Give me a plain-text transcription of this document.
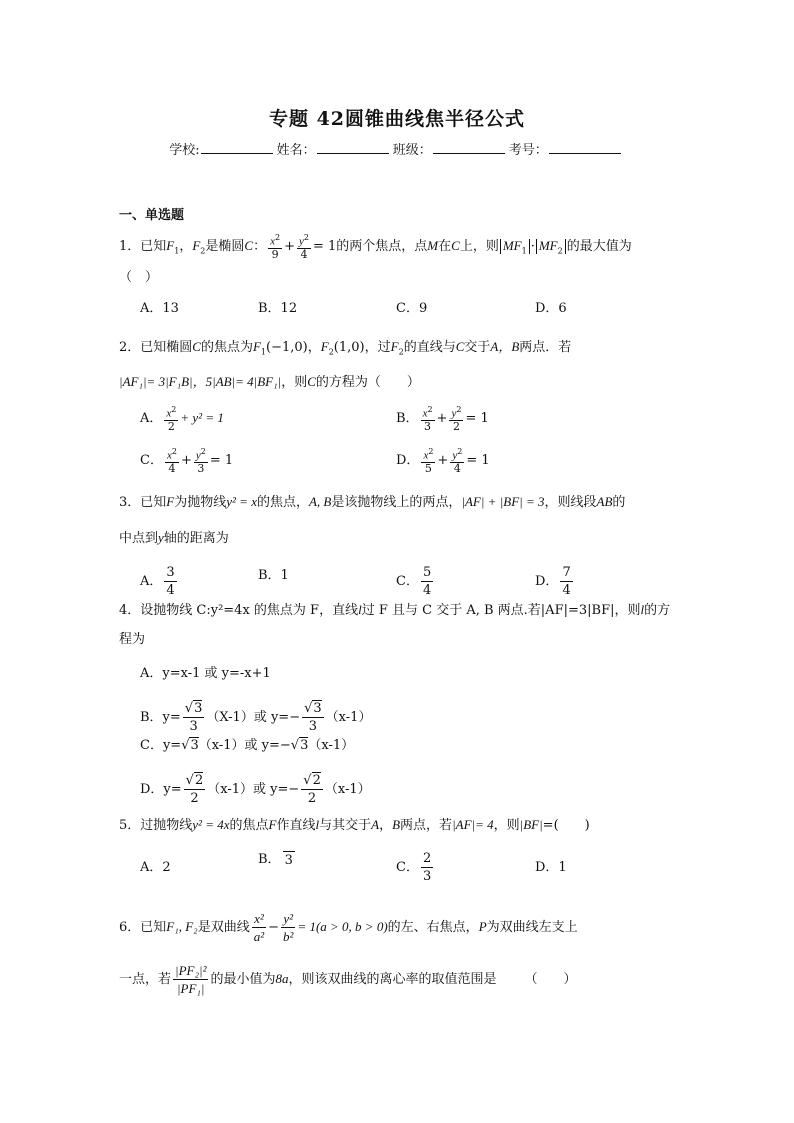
专题 42圆锥曲线焦半径公式
学校:	姓名：	班级：	考号：
一、单选题
1．已知$F_1$，$F_2$是椭圆C： $\frac{x^2}{9} + \frac{y^2}{4} = 1$的两个焦点，点M在C上，则 $MF_1 \cdot MF_2$ 的最大值为
（　）
A．13	B．12	C．9	D．6
2．已知椭圆C的焦点为$F_1(-1,0)$，$F_2(1,0)$，过$F_2$的直线与C交于A，B两点．若
|AF₁|= 3|F₁B|，5|AB|= 4|BF₁|，则C的方程为（　　）
A． $\frac{x^2}{2} + y^2 = 1$	B． $\frac{x^2}{3} + \frac{y^2}{2} = 1$
C． $\frac{x^2}{4} + \frac{y^2}{3} = 1$	D． $\frac{x^2}{5} + \frac{y^2}{4} = 1$
3．已知F为抛物线y² = x的焦点，A, B是该抛物线上的两点，|AF| + |BF| = 3，则线段AB的
中点到y轴的距离为
A． $\frac{3}{4}$	B．1	C． $\frac{5}{4}$	D． $\frac{7}{4}$
4．设抛物线 C:y²=4x 的焦点为 F，直线l过 F 且与 C 交于 A, B 两点.若|AF|=3|BF|，则l的方
程为
A．y=x-1 或 y=-x+1
B．$y= \frac{√3}{3} (X-1)$或 $y=- \frac{√3}{3} (x-1)$
C．y=√3（x-1）或 y=−√3（x-1）
D．$y= \frac{√2}{2} (x-1)$或 $y=- \frac{√2}{2} (x-1)$
5．过抛物线y² = 4x的焦点F作直线l与其交于A，B两点，若|AF|= 4，则|BF|=(　　)
A．2
B． 3	C． $\frac{2}{3}$	D．1
6．已知F₁, F₂是双曲线 $\frac{\text{x²}}{\text{a²}} - \frac{\text{y²}}{\text{b²}} = 1(a > 0$, b > 0)的左、右焦点，P为双曲线左支上
一点，若 $\frac{\text{|PF₂|²}}{\text{|PF₁|}}$ 的最小值为8a，则该双曲线的离心率的取值范围是 （　　）
